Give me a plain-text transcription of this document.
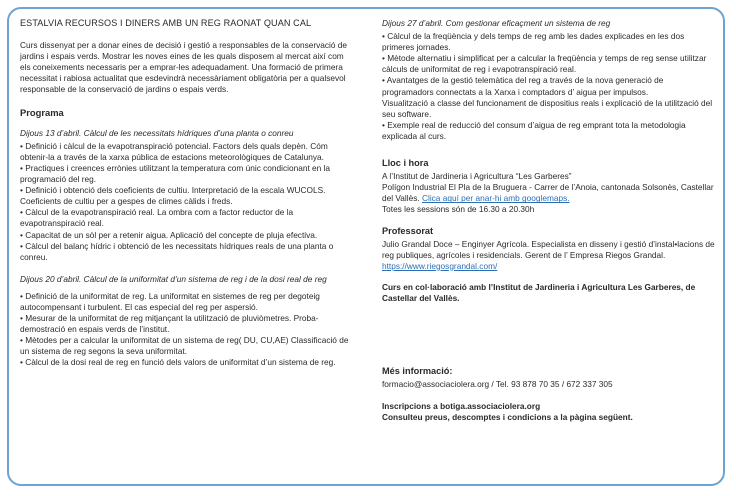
ESTALVIA RECURSOS I DINERS AMB UN REG RAONAT QUAN CAL

Curs dissenyat per a donar eines de decisió i gestió a responsables de la conservació de jardins i espais verds. Mostrar les noves eines de les quals disposem al mercat així com els coneixements necessaris per a emprar-les adequadament. Una formació de primera necessitat i rabiosa actualitat que esdevindrà necessàriament obligatòria per a qualsevol responsable de la conservació de jardins o espais verds.

Programa

Dijous 13 d’abril. Càlcul de les necessitats hídriques d’una planta o conreu

• Definició i càlcul de la evapotranspiració potencial. Factors dels quals depèn. Cóm obtenir-la a través de la xarxa pública de estacions meteorològiques de Catalunya.

• Practiques i creences errònies utilitzant la temperatura com únic condicionant en la programació del reg.

• Definició i obtenció dels coeficients de cultiu. Interpretació de la escala WUCOLS. Coeficients de cultiu per a gespes de climes càlids i freds.

• Càlcul de la evapotranspiració real. La ombra com a factor reductor de la evapotranspiració real.

• Capacitat de un sòl per a retenir aigua. Aplicació del concepte de pluja efectiva.

• Càlcul del balanç hídric i obtenció de les necessitats hídriques reals de una planta o conreu.

Dijous 20 d’abril. Càlcul de la uniformitat d’un sistema de reg i de la dosi real de reg

• Definició de la uniformitat de reg. La uniformitat en sistemes de reg per degoteig autocompensant i turbulent. El cas especial del reg per aspersió.

• Mesurar de la uniformitat de reg mitjançant la utilització de pluviòmetres. Proba- demostració en espais verds de l’institut.

• Mètodes per a calcular la uniformitat de un sistema de reg( DU, CU,AE) Classificació de un sistema de reg segons la seva uniformitat.

• Càlcul de la dosi real de reg en funció dels valors de uniformitat d’un sistema de reg.

Dijous 27 d’abril. Com gestionar eficaçment un sistema de reg

• Càlcul de la freqüència y dels temps de reg amb les dades explicades en les dos primeres jornades.

• Mètode alternatiu i simplificat per a calcular la freqüència y temps de reg sense utilitzar càlculs de uniformitat de reg i evapotranspiració real.

• Avantatges de la gestió telemàtica del reg a través de la nova generació de programadors connectats a la Xarxa i comptadors d’ aigua per impulsos.

Visualització a classe del funcionament de dispositius reals i explicació de la utilització del seu software.

• Exemple real de reducció del consum d’aigua de reg emprant tota la metodologia explicada al curs.

Lloc i hora

A l’Institut de Jardineria i Agricultura “Les Garberes”

Polígon Industrial El Pla de la Bruguera - Carrer de l’Anoia, cantonada Solsonès, Castellar del Vallès. Clica aquí per anar-hi amb googlemaps.

Totes les sessions són de 16.30 a 20.30h

Professorat

Julio Grandal Doce – Enginyer Agrícola. Especialista en disseny i gestió d’instal•lacions de reg publiques, agrícoles i residencials. Gerent de l’ Empresa Riegos Grandal. https://www.riegosgrandal.com/

Curs en col·laboració amb l’Institut de Jardineria i Agricultura Les Garberes, de Castellar del Vallès.

Més informació:

formacio@associaciolera.org / Tel. 93 878 70 35 / 672 337 305

Inscripcions a botiga.associaciolera.org

Consulteu preus, descomptes i condicions a la pàgina següent.
